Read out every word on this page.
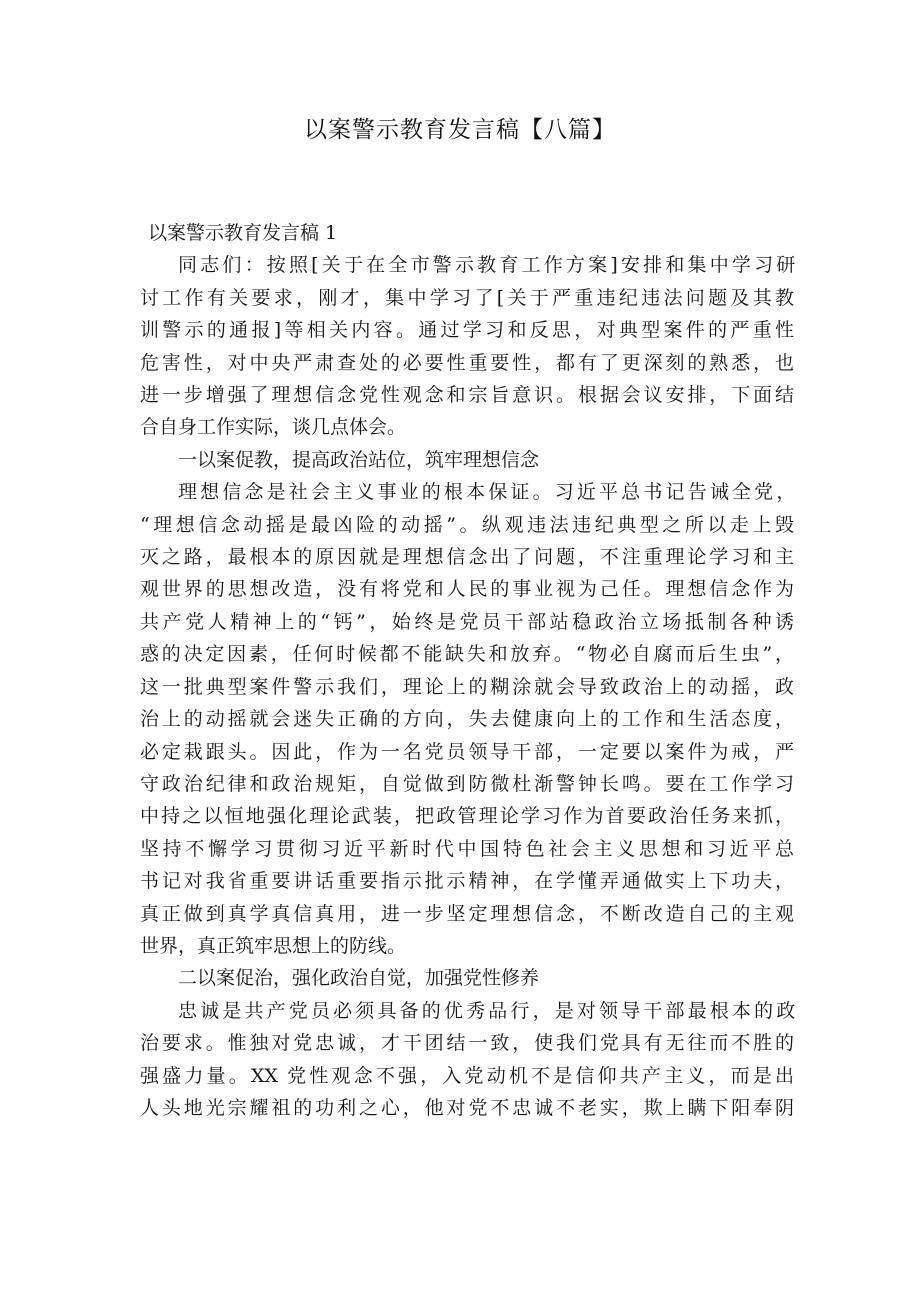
以案警示教育发言稿【八篇】
以案警示教育发言稿 1
同志们：按照[关于在全市警示教育工作方案]安排和集中学习研
讨工作有关要求，刚才，集中学习了[关于严重违纪违法问题及其教
训警示的通报]等相关内容。通过学习和反思，对典型案件的严重性
危害性，对中央严肃查处的必要性重要性，都有了更深刻的熟悉，也
进一步增强了理想信念党性观念和宗旨意识。根据会议安排，下面结
合自身工作实际，谈几点体会。
一以案促教，提高政治站位，筑牢理想信念
理想信念是社会主义事业的根本保证。习近平总书记告诫全党，
“理想信念动摇是最凶险的动摇”。纵观违法违纪典型之所以走上毁
灭之路，最根本的原因就是理想信念出了问题，不注重理论学习和主
观世界的思想改造，没有将党和人民的事业视为己任。理想信念作为
共产党人精神上的“钙”，始终是党员干部站稳政治立场抵制各种诱
惑的决定因素，任何时候都不能缺失和放弃。“物必自腐而后生虫”，
这一批典型案件警示我们，理论上的糊涂就会导致政治上的动摇，政
治上的动摇就会迷失正确的方向，失去健康向上的工作和生活态度，
必定栽跟头。因此，作为一名党员领导干部，一定要以案件为戒，严
守政治纪律和政治规矩，自觉做到防微杜渐警钟长鸣。要在工作学习
中持之以恒地强化理论武装，把政管理论学习作为首要政治任务来抓，
坚持不懈学习贯彻习近平新时代中国特色社会主义思想和习近平总
书记对我省重要讲话重要指示批示精神，在学懂弄通做实上下功夫，
真正做到真学真信真用，进一步坚定理想信念，不断改造自己的主观
世界，真正筑牢思想上的防线。
二以案促治，强化政治自觉，加强党性修养
忠诚是共产党员必须具备的优秀品行，是对领导干部最根本的政
治要求。惟独对党忠诚，才干团结一致，使我们党具有无往而不胜的
强盛力量。XX 党性观念不强，入党动机不是信仰共产主义，而是出
人头地光宗耀祖的功利之心，他对党不忠诚不老实，欺上瞒下阳奉阴
